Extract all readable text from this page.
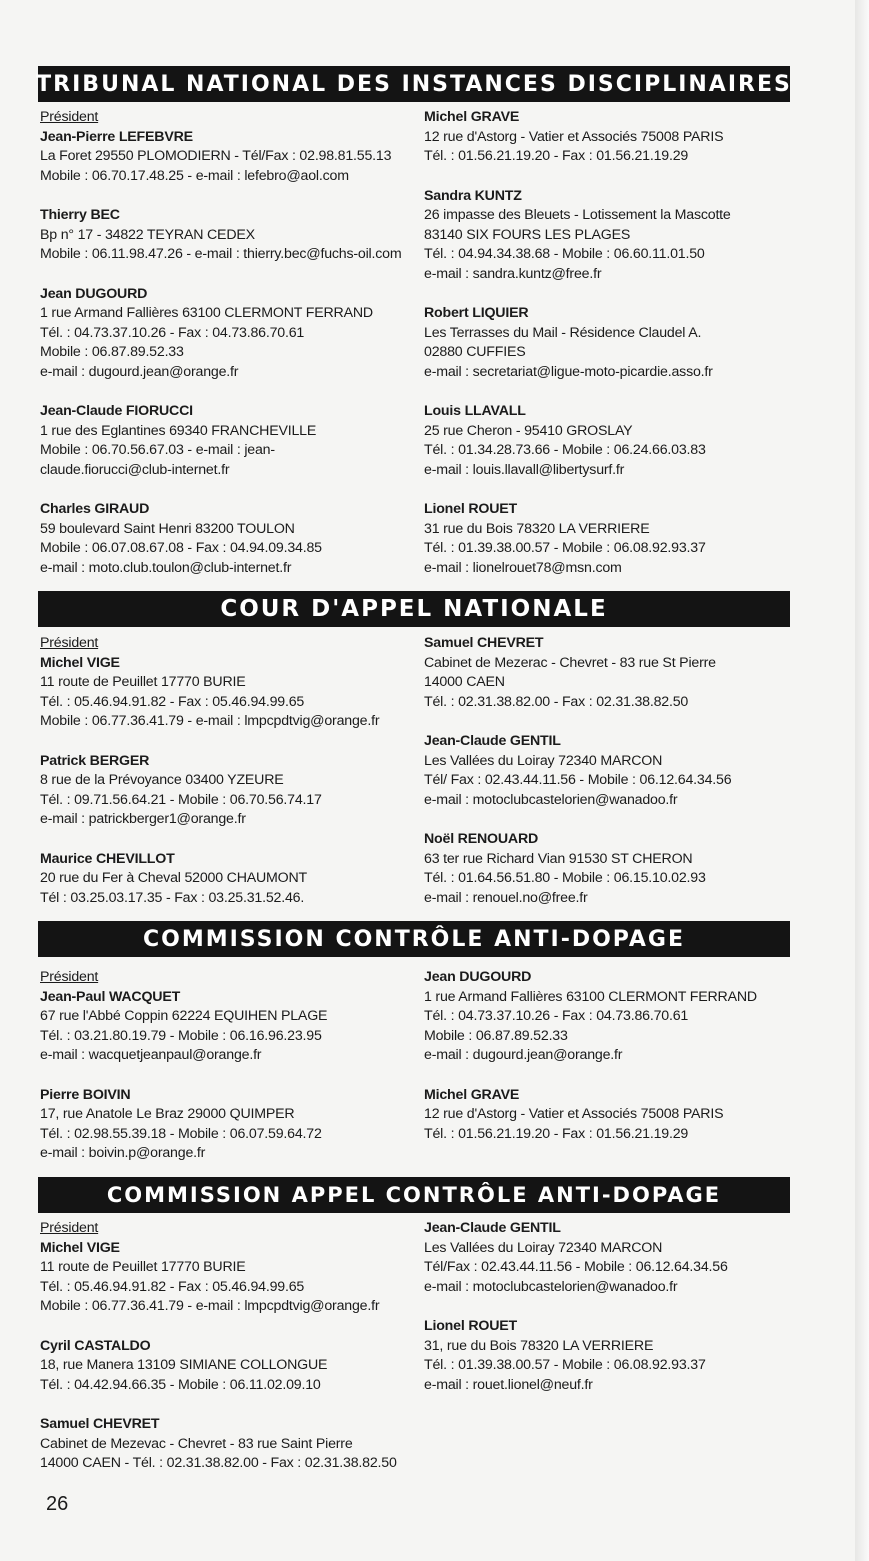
TRIBUNAL NATIONAL DES INSTANCES DISCIPLINAIRES
Président
Jean-Pierre LEFEBVRE
La Foret 29550 PLOMODIERN - Tél/Fax : 02.98.81.55.13
Mobile : 06.70.17.48.25 - e-mail : lefebro@aol.com
Thierry BEC
Bp n° 17 - 34822 TEYRAN CEDEX
Mobile : 06.11.98.47.26 - e-mail : thierry.bec@fuchs-oil.com
Jean DUGOURD
1 rue Armand Fallières 63100 CLERMONT FERRAND
Tél. : 04.73.37.10.26 - Fax : 04.73.86.70.61
Mobile : 06.87.89.52.33
e-mail : dugourd.jean@orange.fr
Jean-Claude FIORUCCI
1 rue des Eglantines 69340 FRANCHEVILLE
Mobile : 06.70.56.67.03 - e-mail : jean-
claude.fiorucci@club-internet.fr
Charles GIRAUD
59 boulevard Saint Henri 83200 TOULON
Mobile : 06.07.08.67.08 - Fax : 04.94.09.34.85
e-mail : moto.club.toulon@club-internet.fr
Michel GRAVE
12 rue d'Astorg - Vatier et Associés 75008 PARIS
Tél. : 01.56.21.19.20 - Fax : 01.56.21.19.29
Sandra KUNTZ
26 impasse des Bleuets - Lotissement la Mascotte
83140 SIX FOURS LES PLAGES
Tél. : 04.94.34.38.68 - Mobile : 06.60.11.01.50
e-mail : sandra.kuntz@free.fr
Robert LIQUIER
Les Terrasses du Mail - Résidence Claudel A.
02880 CUFFIES
e-mail : secretariat@ligue-moto-picardie.asso.fr
Louis LLAVALL
25 rue Cheron - 95410 GROSLAY
Tél. : 01.34.28.73.66 - Mobile : 06.24.66.03.83
e-mail : louis.llavall@libertysurf.fr
Lionel ROUET
31 rue du Bois 78320 LA VERRIERE
Tél. : 01.39.38.00.57 - Mobile : 06.08.92.93.37
e-mail : lionelrouet78@msn.com
COUR D'APPEL NATIONALE
Président
Michel VIGE
11 route de Peuillet 17770 BURIE
Tél. : 05.46.94.91.82 - Fax : 05.46.94.99.65
Mobile : 06.77.36.41.79 - e-mail : lmpcpdtvig@orange.fr
Patrick BERGER
8 rue de la Prévoyance 03400 YZEURE
Tél. : 09.71.56.64.21 - Mobile : 06.70.56.74.17
e-mail : patrickberger1@orange.fr
Maurice CHEVILLOT
20 rue du Fer à Cheval 52000 CHAUMONT
Tél : 03.25.03.17.35 - Fax : 03.25.31.52.46.
Samuel CHEVRET
Cabinet de Mezerac - Chevret - 83 rue St Pierre
14000 CAEN
Tél. : 02.31.38.82.00 - Fax : 02.31.38.82.50
Jean-Claude GENTIL
Les Vallées du Loiray 72340 MARCON
Tél/ Fax : 02.43.44.11.56 - Mobile : 06.12.64.34.56
e-mail : motoclubcastelorien@wanadoo.fr
Noël RENOUARD
63 ter rue Richard Vian 91530 ST CHERON
Tél. : 01.64.56.51.80 - Mobile : 06.15.10.02.93
e-mail : renouel.no@free.fr
COMMISSION CONTRÔLE ANTI-DOPAGE
Président
Jean-Paul WACQUET
67 rue l'Abbé Coppin 62224 EQUIHEN PLAGE
Tél. : 03.21.80.19.79 - Mobile : 06.16.96.23.95
e-mail : wacquetjeanpaul@orange.fr
Pierre BOIVIN
17, rue Anatole Le Braz 29000 QUIMPER
Tél. : 02.98.55.39.18 - Mobile : 06.07.59.64.72
e-mail : boivin.p@orange.fr
Jean DUGOURD
1 rue Armand Fallières 63100 CLERMONT FERRAND
Tél. : 04.73.37.10.26 - Fax : 04.73.86.70.61
Mobile : 06.87.89.52.33
e-mail : dugourd.jean@orange.fr
Michel GRAVE
12 rue d'Astorg - Vatier et Associés 75008 PARIS
Tél. : 01.56.21.19.20 - Fax : 01.56.21.19.29
COMMISSION APPEL CONTRÔLE ANTI-DOPAGE
Président
Michel VIGE
11 route de Peuillet 17770 BURIE
Tél. : 05.46.94.91.82 - Fax : 05.46.94.99.65
Mobile : 06.77.36.41.79 - e-mail : lmpcpdtvig@orange.fr
Cyril CASTALDO
18, rue Manera 13109 SIMIANE COLLONGUE
Tél. : 04.42.94.66.35 - Mobile : 06.11.02.09.10
Samuel CHEVRET
Cabinet de Mezevac - Chevret - 83 rue Saint Pierre
14000 CAEN - Tél. : 02.31.38.82.00 - Fax : 02.31.38.82.50
Jean-Claude GENTIL
Les Vallées du Loiray 72340 MARCON
Tél/Fax : 02.43.44.11.56 - Mobile : 06.12.64.34.56
e-mail : motoclubcastelorien@wanadoo.fr
Lionel ROUET
31, rue du Bois 78320 LA VERRIERE
Tél. : 01.39.38.00.57 - Mobile : 06.08.92.93.37
e-mail : rouet.lionel@neuf.fr
26
